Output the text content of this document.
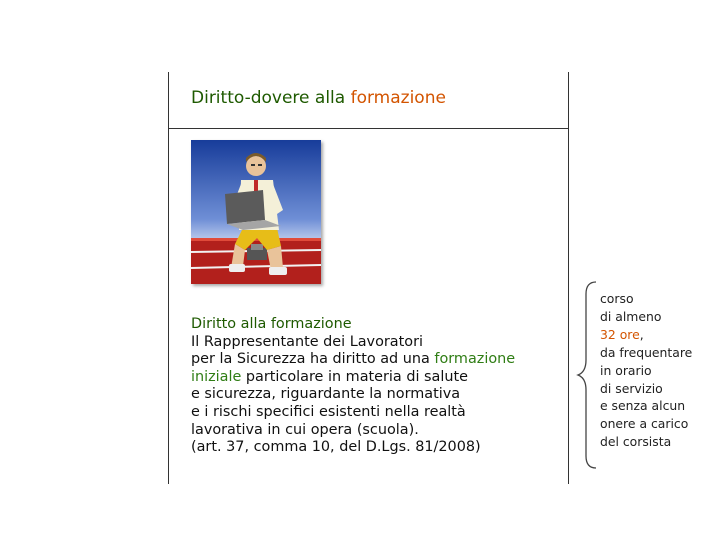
Diritto-dovere alla formazione
Diritto alla formazione
Il Rappresentante dei Lavoratori
per la Sicurezza ha diritto ad una formazione
iniziale particolare in materia di salute
e sicurezza, riguardante la normativa
e i rischi specifici esistenti nella realtà
lavorativa in cui opera (scuola).
(art. 37, comma 10, del D.Lgs. 81/2008)
corso
di almeno
32 ore,
da frequentare
in orario
di servizio
e senza alcun
onere a carico
del corsista
